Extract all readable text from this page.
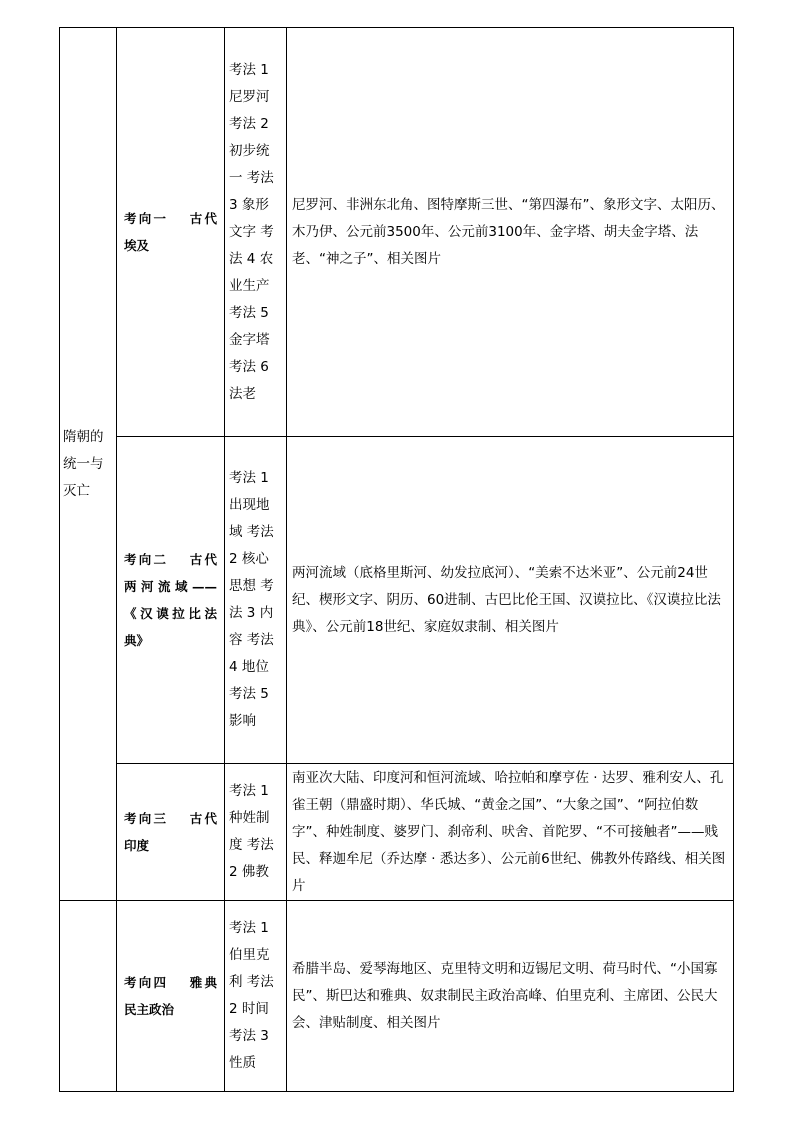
隋朝的统一与灭亡	考向一　 古代
埃及	考法 1 尼罗河 考法 2 初步统一 考法 3 象形文字 考法 4 农业生产 考法 5 金字塔 考法 6 法老	尼罗河、非洲东北角、图特摩斯三世、“第四瀑布”、象形文字、太阳历、木乃伊、公元前3500年、公元前3100年、金字塔、胡夫金字塔、法老、“神之子”、相关图片

	考向二　 古代
两河流域——
《汉谟拉比法
典》	考法 1 出现地域 考法 2 核心思想 考法 3 内容 考法 4 地位 考法 5 影响	两河流域（底格里斯河、幼发拉底河）、“美索不达米亚”、公元前24世纪、楔形文字、阴历、60进制、古巴比伦王国、汉谟拉比、《汉谟拉比法典》、公元前18世纪、家庭奴隶制、相关图片

	考向三　 古代
印度	考法 1 种姓制度 考法 2 佛教	南亚次大陆、印度河和恒河流域、哈拉帕和摩亨佐 · 达罗、雅利安人、孔雀王朝（鼎盛时期）、华氏城、“黄金之国”、“大象之国”、“阿拉伯数字”、种姓制度、婆罗门、刹帝利、吠舍、首陀罗、“不可接触者”——贱民、释迦牟尼（乔达摩 · 悉达多）、公元前6世纪、佛教外传路线、相关图片

	考向四　 雅典
民主政治	考法 1 伯里克利 考法 2 时间 考法 3 性质	希腊半岛、爱琴海地区、克里特文明和迈锡尼文明、荷马时代、“小国寡民”、斯巴达和雅典、奴隶制民主政治高峰、伯里克利、主席团、公民大会、津贴制度、相关图片
